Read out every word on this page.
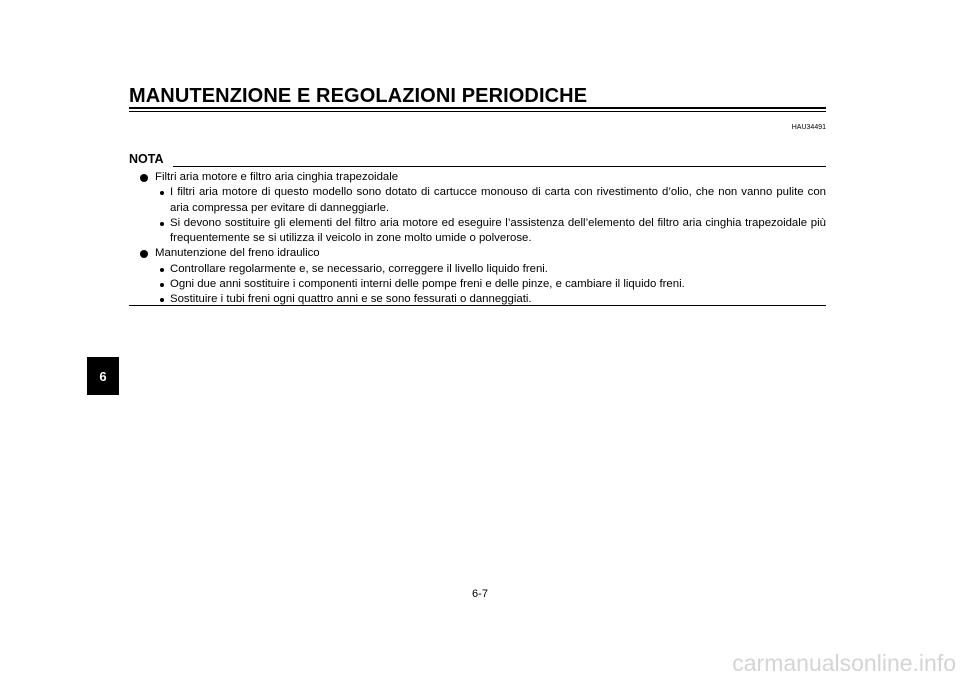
MANUTENZIONE E REGOLAZIONI PERIODICHE
HAU34491
NOTA
Filtri aria motore e filtro aria cinghia trapezoidale
I filtri aria motore di questo modello sono dotato di cartucce monouso di carta con rivestimento d’olio, che non vanno pulite con aria compressa per evitare di danneggiarle.
Si devono sostituire gli elementi del filtro aria motore ed eseguire l’assistenza dell’elemento del filtro aria cinghia trapezoidale più frequentemente se si utilizza il veicolo in zone molto umide o polverose.
Manutenzione del freno idraulico
Controllare regolarmente e, se necessario, correggere il livello liquido freni.
Ogni due anni sostituire i componenti interni delle pompe freni e delle pinze, e cambiare il liquido freni.
Sostituire i tubi freni ogni quattro anni e se sono fessurati o danneggiati.
6
6-7
carmanualsonline.info
